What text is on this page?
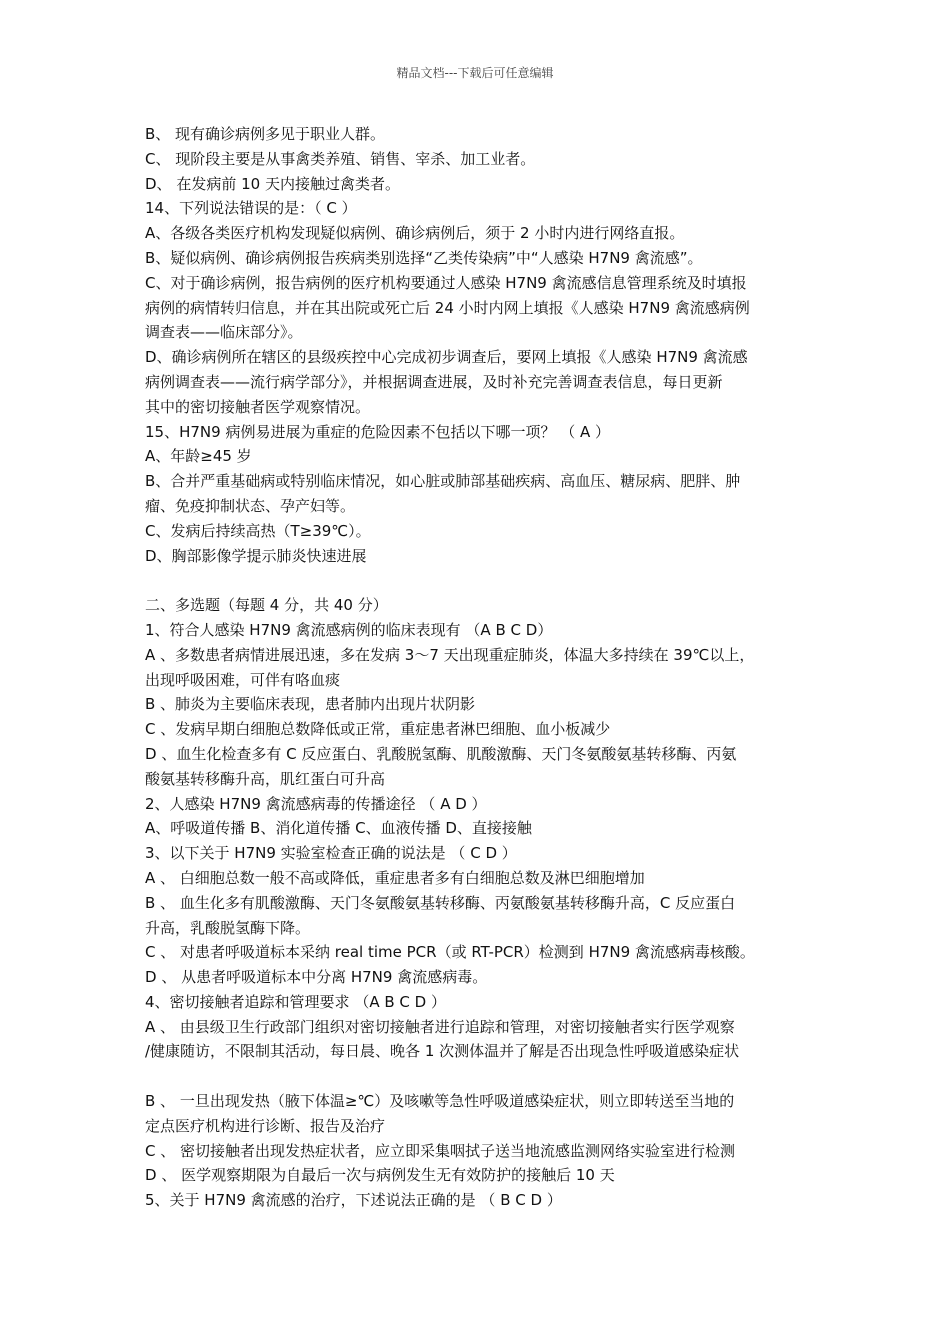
精品文档---下载后可任意编辑
B、 现有确诊病例多见于职业人群。
C、 现阶段主要是从事禽类养殖、销售、宰杀、加工业者。
D、 在发病前 10 天内接触过禽类者。
14、下列说法错误的是：（ C ）
A、各级各类医疗机构发现疑似病例、确诊病例后，须于 2 小时内进行网络直报。
B、疑似病例、确诊病例报告疾病类别选择“乙类传染病”中“人感染 H7N9 禽流感”。
C、对于确诊病例，报告病例的医疗机构要通过人感染 H7N9 禽流感信息管理系统及时填报
病例的病情转归信息，并在其出院或死亡后 24 小时内网上填报《人感染 H7N9 禽流感病例
调查表——临床部分》。
D、确诊病例所在辖区的县级疾控中心完成初步调查后，要网上填报《人感染 H7N9 禽流感
病例调查表——流行病学部分》，并根据调查进展，及时补充完善调查表信息，每日更新
其中的密切接触者医学观察情况。
15、H7N9 病例易进展为重症的危险因素不包括以下哪一项？ （ A ）
A、年龄≥45 岁
B、合并严重基础病或特别临床情况，如心脏或肺部基础疾病、高血压、糖尿病、肥胖、肿
瘤、免疫抑制状态、孕产妇等。
C、发病后持续高热（T≥39℃）。
D、胸部影像学提示肺炎快速进展
二、多选题（每题 4 分，共 40 分）
1、符合人感染 H7N9 禽流感病例的临床表现有 （A B C D）
A 、多数患者病情进展迅速，多在发病 3～7 天出现重症肺炎，体温大多持续在 39℃以上，
出现呼吸困难，可伴有咯血痰
B 、肺炎为主要临床表现，患者肺内出现片状阴影
C 、发病早期白细胞总数降低或正常，重症患者淋巴细胞、血小板减少
D 、血生化检查多有 C 反应蛋白、乳酸脱氢酶、肌酸激酶、天门冬氨酸氨基转移酶、丙氨
酸氨基转移酶升高，肌红蛋白可升高
2、人感染 H7N9 禽流感病毒的传播途径 （ A D ）
A、呼吸道传播 B、消化道传播 C、血液传播 D、直接接触
3、以下关于 H7N9 实验室检查正确的说法是 （ C D ）
A 、 白细胞总数一般不高或降低，重症患者多有白细胞总数及淋巴细胞增加
B 、 血生化多有肌酸激酶、天门冬氨酸氨基转移酶、丙氨酸氨基转移酶升高，C 反应蛋白
升高，乳酸脱氢酶下降。
C 、 对患者呼吸道标本采纳 real time PCR（或 RT-PCR）检测到 H7N9 禽流感病毒核酸。
D 、 从患者呼吸道标本中分离 H7N9 禽流感病毒。
4、密切接触者追踪和管理要求 （A B C D ）
A 、 由县级卫生行政部门组织对密切接触者进行追踪和管理，对密切接触者实行医学观察
/健康随访，不限制其活动，每日晨、晚各 1 次测体温并了解是否出现急性呼吸道感染症状
B 、 一旦出现发热（腋下体温≥℃）及咳嗽等急性呼吸道感染症状，则立即转送至当地的
定点医疗机构进行诊断、报告及治疗
C 、 密切接触者出现发热症状者，应立即采集咽拭子送当地流感监测网络实验室进行检测
D 、 医学观察期限为自最后一次与病例发生无有效防护的接触后 10 天
5、关于 H7N9 禽流感的治疗，下述说法正确的是 （ B C D ）
